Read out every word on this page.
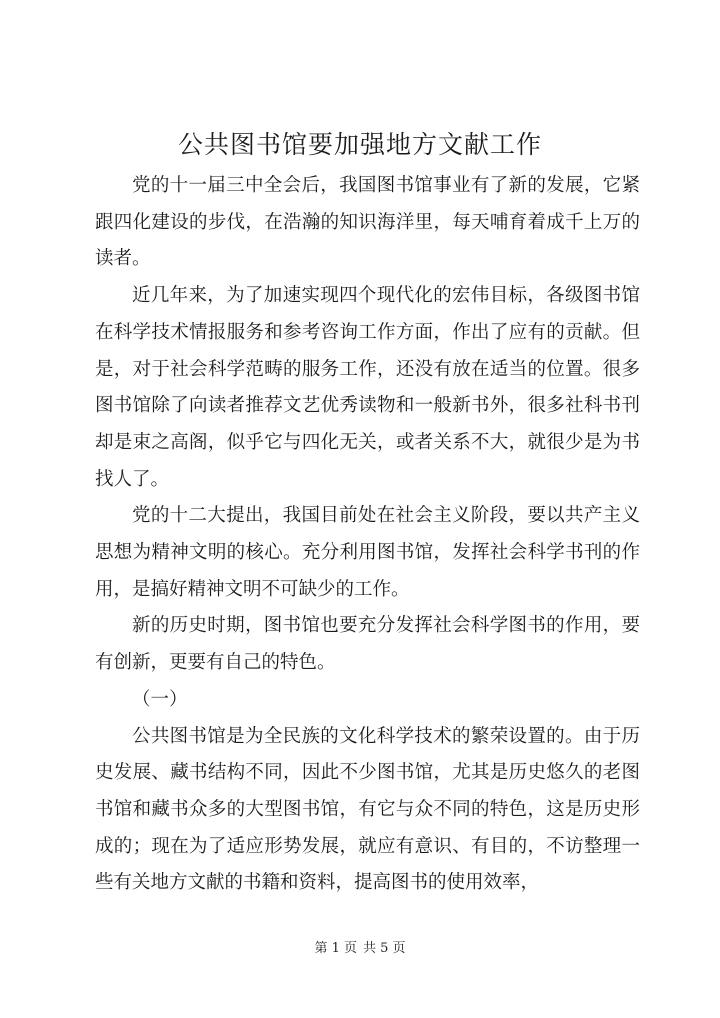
公共图书馆要加强地方文献工作

党的十一届三中全会后，我国图书馆事业有了新的发展，它紧跟四化建设的步伐，在浩瀚的知识海洋里，每天哺育着成千上万的读者。

近几年来，为了加速实现四个现代化的宏伟目标，各级图书馆在科学技术情报服务和参考咨询工作方面，作出了应有的贡献。但是，对于社会科学范畴的服务工作，还没有放在适当的位置。很多图书馆除了向读者推荐文艺优秀读物和一般新书外，很多社科书刊却是束之高阁，似乎它与四化无关，或者关系不大，就很少是为书找人了。

党的十二大提出，我国目前处在社会主义阶段，要以共产主义思想为精神文明的核心。充分利用图书馆，发挥社会科学书刊的作用，是搞好精神文明不可缺少的工作。

新的历史时期，图书馆也要充分发挥社会科学图书的作用，要有创新，更要有自己的特色。

（一）

公共图书馆是为全民族的文化科学技术的繁荣设置的。由于历史发展、藏书结构不同，因此不少图书馆，尤其是历史悠久的老图书馆和藏书众多的大型图书馆，有它与众不同的特色，这是历史形成的；现在为了适应形势发展，就应有意识、有目的，不访整理一些有关地方文献的书籍和资料，提高图书的使用效率，

第 1 页 共 5 页
